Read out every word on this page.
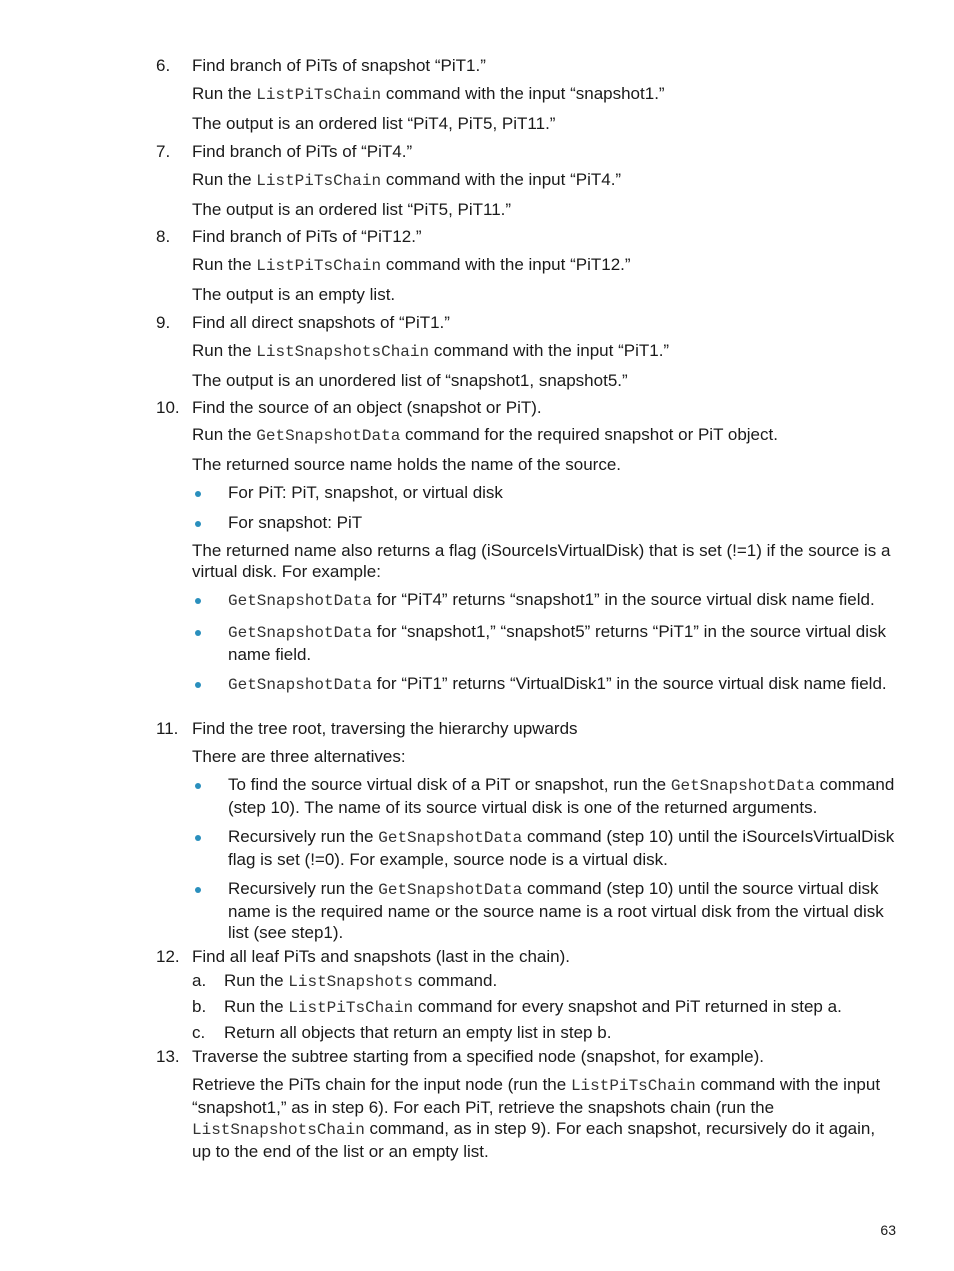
6.	Find branch of PiTs of snapshot “PiT1.”
Run the ListPiTsChain command with the input “snapshot1.”
The output is an ordered list “PiT4, PiT5, PiT11.”
7.	Find branch of PiTs of “PiT4.”
Run the ListPiTsChain command with the input “PiT4.”
The output is an ordered list “PiT5, PiT11.”
8.	Find branch of PiTs of “PiT12.”
Run the ListPiTsChain command with the input “PiT12.”
The output is an empty list.
9.	Find all direct snapshots of “PiT1.”
Run the ListSnapshotsChain command with the input “PiT1.”
The output is an unordered list of “snapshot1, snapshot5.”
10. Find the source of an object (snapshot or PiT).
Run the GetSnapshotData command for the required snapshot or PiT object.
The returned source name holds the name of the source.
For PiT: PiT, snapshot, or virtual disk
For snapshot: PiT
The returned name also returns a flag (iSourceIsVirtualDisk) that is set (!=1) if the source is a virtual disk. For example:
GetSnapshotData for “PiT4” returns “snapshot1” in the source virtual disk name field.
GetSnapshotData for “snapshot1,” “snapshot5” returns “PiT1” in the source virtual disk name field.
GetSnapshotData for “PiT1” returns “VirtualDisk1” in the source virtual disk name field.
11. Find the tree root, traversing the hierarchy upwards
There are three alternatives:
To find the source virtual disk of a PiT or snapshot, run the GetSnapshotData command (step 10). The name of its source virtual disk is one of the returned arguments.
Recursively run the GetSnapshotData command (step 10) until the iSourceIsVirtualDisk flag is set (!=0). For example, source node is a virtual disk.
Recursively run the GetSnapshotData command (step 10) until the source virtual disk name is the required name or the source name is a root virtual disk from the virtual disk list (see step1).
12. Find all leaf PiTs and snapshots (last in the chain).
a. Run the ListSnapshots command.
b. Run the ListPiTsChain command for every snapshot and PiT returned in step a.
c. Return all objects that return an empty list in step b.
13. Traverse the subtree starting from a specified node (snapshot, for example).
Retrieve the PiTs chain for the input node (run the ListPiTsChain command with the input “snapshot1,” as in step 6). For each PiT, retrieve the snapshots chain (run the ListSnapshotsChain command, as in step 9). For each snapshot, recursively do it again, up to the end of the list or an empty list.
63
